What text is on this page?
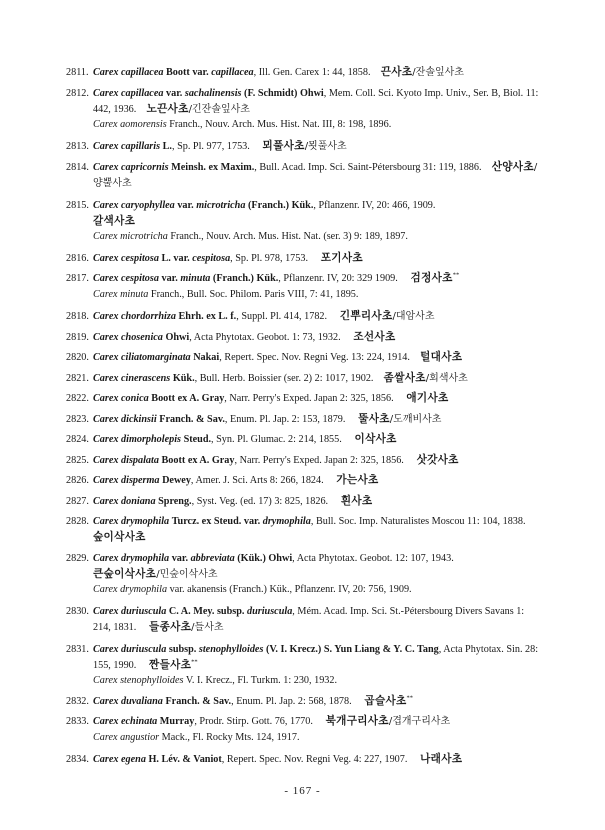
2811. Carex capillacea Boott var. capillacea, Ill. Gen. Carex 1: 44, 1858. 끈사초/잔솔잎사초
2812. Carex capillacea var. sachalinensis (F. Schmidt) Ohwi, Mem. Coll. Sci. Kyoto Imp. Univ., Ser. B, Biol. 11: 442, 1936. 노끈사초/긴잔솔잎사초
Carex aomorensis Franch., Nouv. Arch. Mus. Hist. Nat. III, 8: 198, 1896.
2813. Carex capillaris L., Sp. Pl. 977, 1753. 뫼풀사초/묏풀사초
2814. Carex capricornis Meinsh. ex Maxim., Bull. Acad. Imp. Sci. Saint-Pétersbourg 31: 119, 1886. 산양사초/양뿔사초
2815. Carex caryophyllea var. microtricha (Franch.) Kük., Pflanzenr. IV, 20: 466, 1909.
갈색사초
Carex microtricha Franch., Nouv. Arch. Mus. Hist. Nat. (ser. 3) 9: 189, 1897.
2816. Carex cespitosa L. var. cespitosa, Sp. Pl. 978, 1753. 포기사초
2817. Carex cespitosa var. minuta (Franch.) Kük., Pflanzenr. IV, 20: 329 1909. 검정사초**
Carex minuta Franch., Bull. Soc. Philom. Paris VIII, 7: 41, 1895.
2818. Carex chordorrhiza Ehrh. ex L. f., Suppl. Pl. 414, 1782. 긴뿌리사초/대암사초
2819. Carex chosenica Ohwi, Acta Phytotax. Geobot. 1: 73, 1932. 조선사초
2820. Carex ciliatomarginata Nakai, Repert. Spec. Nov. Regni Veg. 13: 224, 1914. 털대사초
2821. Carex cinerascens Kük., Bull. Herb. Boissier (ser. 2) 2: 1017, 1902. 좀쌀사초/회색사초
2822. Carex conica Boott ex A. Gray, Narr. Perry's Exped. Japan 2: 325, 1856. 애기사초
2823. Carex dickinsii Franch. & Sav., Enum. Pl. Jap. 2: 153, 1879. 뚤사초/도깨비사초
2824. Carex dimorpholepis Steud., Syn. Pl. Glumac. 2: 214, 1855. 이삭사초
2825. Carex dispalata Boott ex A. Gray, Narr. Perry's Exped. Japan 2: 325, 1856. 삿갓사초
2826. Carex disperma Dewey, Amer. J. Sci. Arts 8: 266, 1824. 가는사초
2827. Carex doniana Spreng., Syst. Veg. (ed. 17) 3: 825, 1826. 흰사초
2828. Carex drymophila Turcz. ex Steud. var. drymophila, Bull. Soc. Imp. Naturalistes Moscou 11: 104, 1838.     숲이삭사초
2829. Carex drymophila var. abbreviata (Kük.) Ohwi, Acta Phytotax. Geobot. 12: 107, 1943.
큰숲이삭사초/민숲이삭사초
Carex drymophila var. akanensis (Franch.) Kük., Pflanzenr. IV, 20: 756, 1909.
2830. Carex duriuscula C. A. Mey. subsp. duriuscula, Mém. Acad. Imp. Sci. St.-Pétersbourg Divers Savans 1: 214, 1831. 들종사초/들사초
2831. Carex duriuscula subsp. stenophylloides (V. I. Krecz.) S. Yun Liang & Y. C. Tang, Acta Phytotax. Sin. 28: 155, 1990. 짠들사초**
Carex stenophylloides V. I. Krecz., Fl. Turkm. 1: 230, 1932.
2832. Carex duvaliana Franch. & Sav., Enum. Pl. Jap. 2: 568, 1878. 곱슬사초**
2833. Carex echinata Murray, Prodr. Stirp. Gott. 76, 1770. 북개구리사초/겹개구리사초
Carex angustior Mack., Fl. Rocky Mts. 124, 1917.
2834. Carex egena H. Lév. & Vaniot, Repert. Spec. Nov. Regni Veg. 4: 227, 1907. 나래사초
- 167 -
